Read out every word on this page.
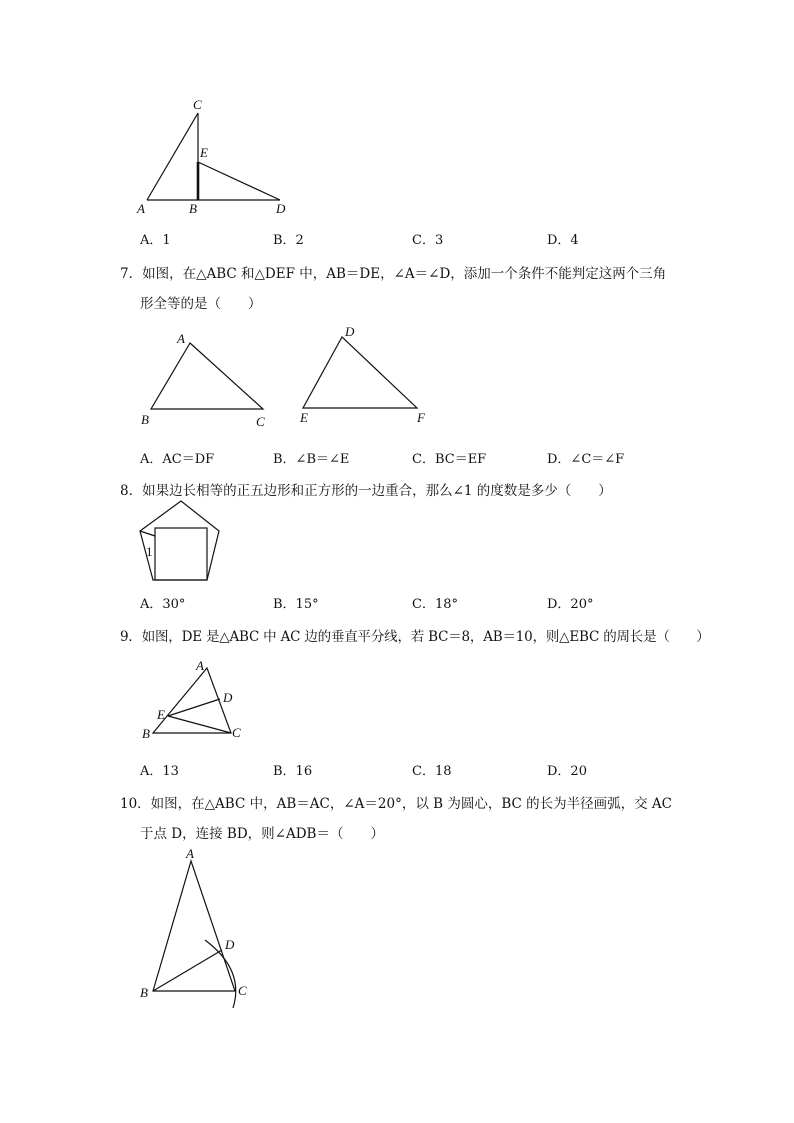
C
E
A	B	D
A．1	B．2	C．3	D．4
7．如图，在△ABC 和△DEF 中，AB＝DE，∠A＝∠D，添加一个条件不能判定这两个三角
形全等的是（　　）
A
B	C
D
E	F
A．AC＝DF	B．∠B＝∠E	C．BC＝EF	D．∠C＝∠F
8．如果边长相等的正五边形和正方形的一边重合，那么∠1 的度数是多少（　　）
1
A．30°	B．15°	C．18°	D．20°
9．如图，DE 是△ABC 中 AC 边的垂直平分线，若 BC＝8，AB＝10，则△EBC 的周长是（　　）
A
D
E
B	C
A．13	B．16	C．18	D．20
10．如图，在△ABC 中，AB＝AC，∠A＝20°，以 B 为圆心，BC 的长为半径画弧，交 AC
于点 D，连接 BD，则∠ADB＝（　　）
A
D
B	C
